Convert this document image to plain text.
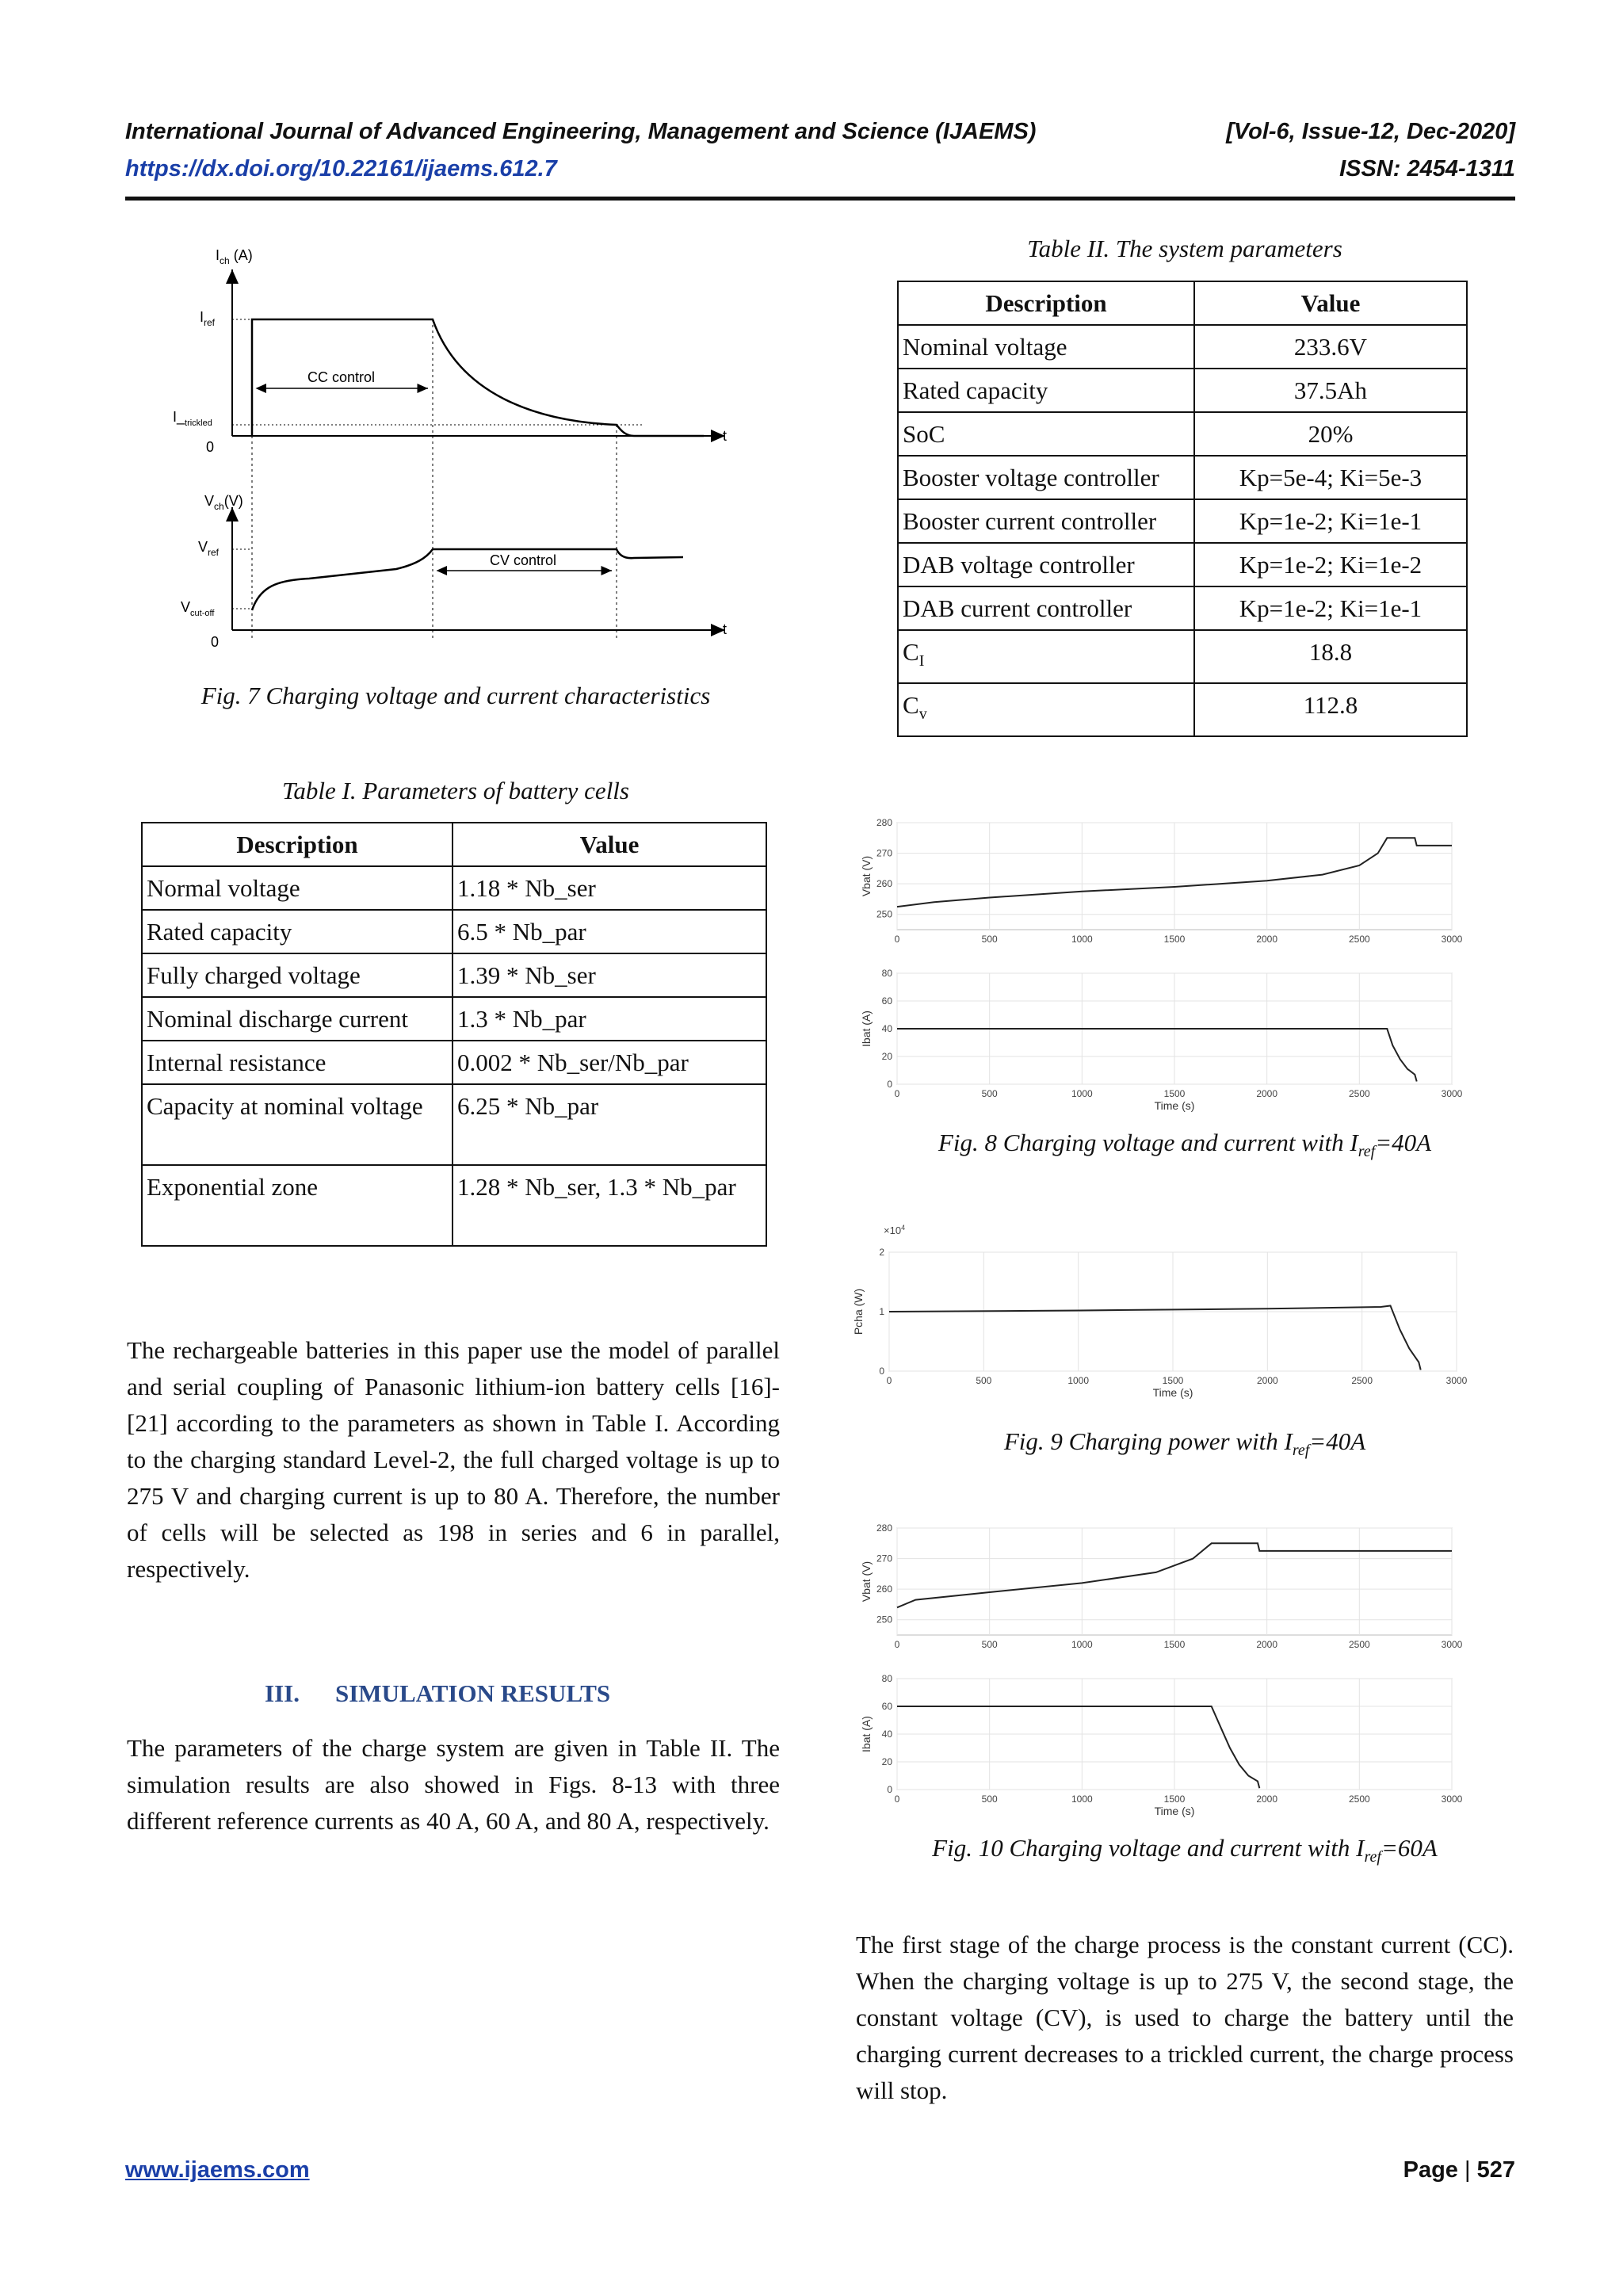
International Journal of Advanced Engineering, Management and Science (IJAEMS)	[Vol-6, Issue-12, Dec-2020]
https://dx.doi.org/10.22161/ijaems.612.7	ISSN: 2454-1311
$I_{ch}$ (A)
$I_{ref}$
$I\__{trickled}$
0
t
CC control
$V_{ch}(V)$
$V_{ref}$
$V_{cut-off}$
0
t
CV control
Fig. 7 Charging voltage and current characteristics
Table I. Parameters of battery cells
Description	Value
Normal voltage	1.18 * Nb_ser
Rated capacity	6.5 * Nb_par
Fully charged voltage	1.39 * Nb_ser
Nominal discharge current	1.3 * Nb_par
Internal resistance	0.002 * Nb_ser/Nb_par
Capacity at nominal voltage	6.25 * Nb_par
Exponential zone	1.28 * Nb_ser, 1.3 * Nb_par
The rechargeable batteries in this paper use the model of parallel and serial coupling of Panasonic lithium-ion battery cells [16]-[21] according to the parameters as shown in Table I. According to the charging standard Level-2, the full charged voltage is up to 275 V and charging current is up to 80 A. Therefore, the number of cells will be selected as 198 in series and 6 in parallel, respectively.
III. SIMULATION RESULTS
The parameters of the charge system are given in Table II. The simulation results are also showed in Figs. 8-13 with three different reference currents as 40 A, 60 A, and 80 A, respectively.
Table II. The system parameters
Description	Value
Nominal voltage	233.6V
Rated capacity	37.5Ah
SoC	20%
Booster voltage controller	Kp=5e-4; Ki=5e-3
Booster current controller	Kp=1e-2; Ki=1e-1
DAB voltage controller	Kp=1e-2; Ki=1e-2
DAB current controller	Kp=1e-2; Ki=1e-1
$C_I$	18.8
$C_v$	112.8
0	500	1000	1500	2000	2500	3000
250
260
270
280
Vbat (V)
0	500	1000	1500	2000	2500	3000
0
20
40
60
80
Ibat (A)
Time (s)
Fig. 8 Charging voltage and current with $I_{ref}=40A$
$\times 10^4$
0	500	1000	1500	2000	2500	3000
0
1
2
Pcha (W)
Time (s)
Fig. 9 Charging power with $I_{ref}=40A$
0	500	1000	1500	2000	2500	3000
250
260
270
280
Vbat (V)
0	500	1000	1500	2000	2500	3000
0
20
40
60
80
Ibat (A)
Time (s)
Fig. 10 Charging voltage and current with $I_{ref}=60A$
The first stage of the charge process is the constant current (CC). When the charging voltage is up to 275 V, the second stage, the constant voltage (CV), is used to charge the battery until the charging current decreases to a trickled current, the charge process will stop.
www.ijaems.com	Page | 527
